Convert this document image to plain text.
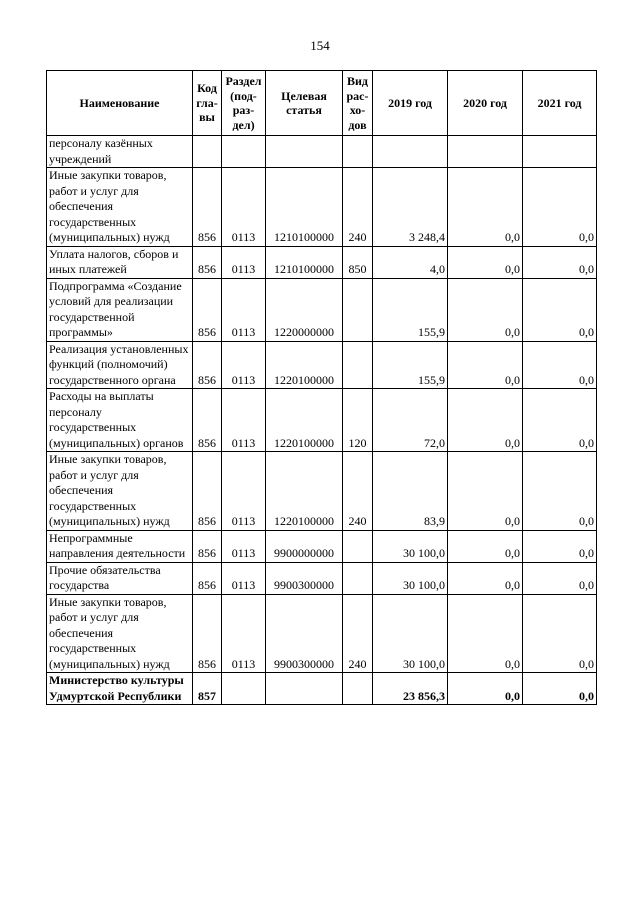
154
Наименование	Код гла- вы	Раздел (под- раз- дел)	Целевая статья	Вид рас- хо- дов	2019 год	2020 год	2021 год
персоналу казённых учреждений							
Иные закупки товаров, работ и услуг для обеспечения государственных (муниципальных) нужд	856	0113	1210100000	240	3 248,4	0,0	0,0
Уплата налогов, сборов и иных платежей	856	0113	1210100000	850	4,0	0,0	0,0
Подпрограмма «Создание условий для реализации государственной программы»	856	0113	1220000000		155,9	0,0	0,0
Реализация установленных функций (полномочий) государственного органа	856	0113	1220100000		155,9	0,0	0,0
Расходы на выплаты персоналу государственных (муниципальных) органов	856	0113	1220100000	120	72,0	0,0	0,0
Иные закупки товаров, работ и услуг для обеспечения государственных (муниципальных) нужд	856	0113	1220100000	240	83,9	0,0	0,0
Непрограммные направления деятельности	856	0113	9900000000		30 100,0	0,0	0,0
Прочие обязательства государства	856	0113	9900300000		30 100,0	0,0	0,0
Иные закупки товаров, работ и услуг для обеспечения государственных (муниципальных) нужд	856	0113	9900300000	240	30 100,0	0,0	0,0
Министерство культуры Удмуртской Республики	857				23 856,3	0,0	0,0
